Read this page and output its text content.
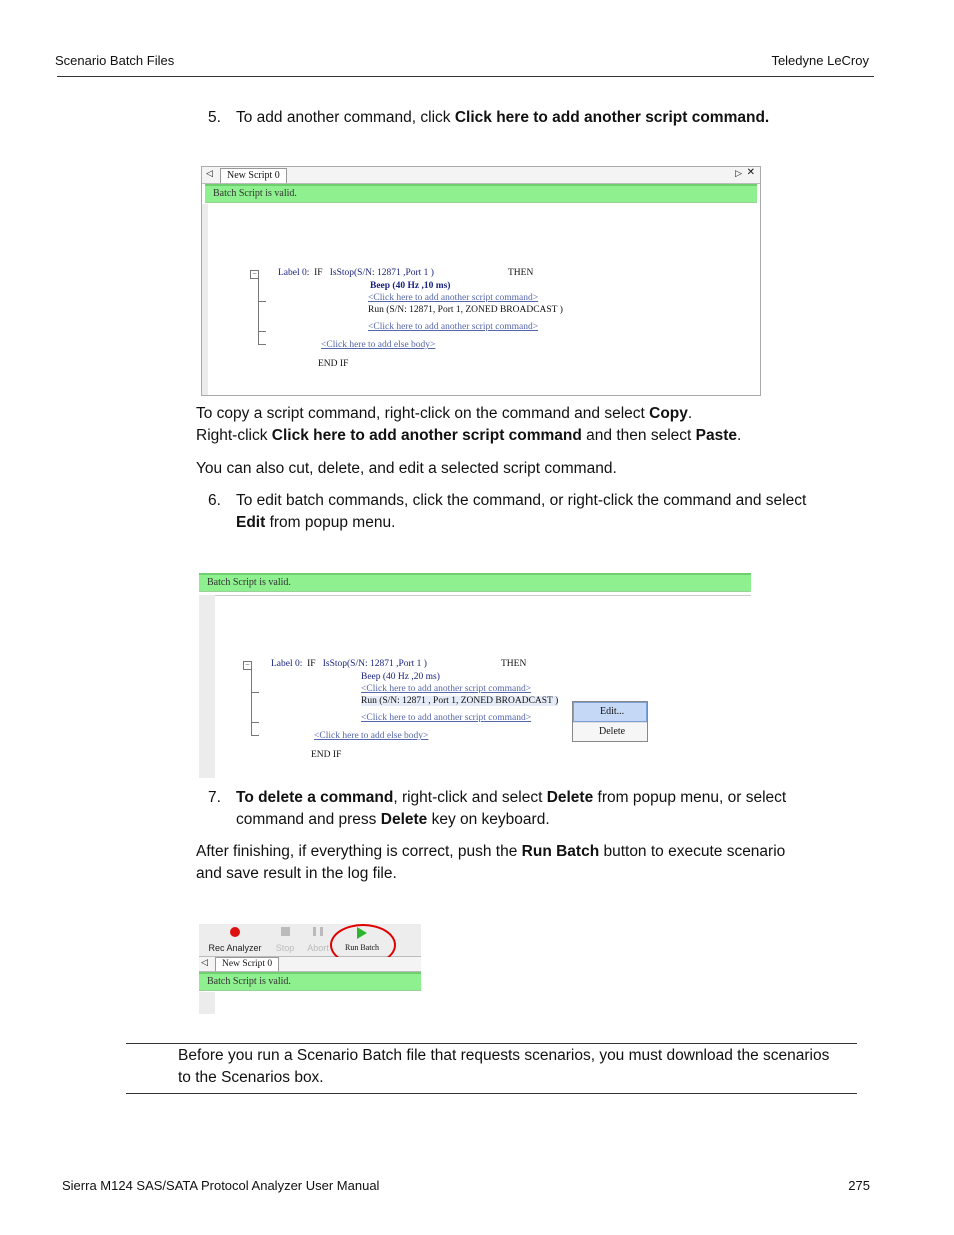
Scenario Batch Files	Teledyne LeCroy
5. To add another command, click Click here to add another script command.
◁	New Script 0	▷ ✕
Batch Script is valid.
− Label 0: IF IsStop(S/N: 12871 ,Port 1 )	THEN
Beep (40 Hz ,10 ms)
<Click here to add another script command>
Run (S/N: 12871, Port 1, ZONED BROADCAST )
<Click here to add another script command>
<Click here to add else body>
END IF
To copy a script command, right-click on the command and select Copy.
Right-click Click here to add another script command and then select Paste.
You can also cut, delete, and edit a selected script command.
6. To edit batch commands, click the command, or right-click the command and select
Edit from popup menu.
Batch Script is valid.
− Label 0: IF IsStop(S/N: 12871 ,Port 1 )	THEN
Beep (40 Hz ,20 ms)
<Click here to add another script command>
Run (S/N: 12871 , Port 1, ZONED BROADCAST )
<Click here to add another script command>
<Click here to add else body>
END IF
Edit...
Delete
7. To delete a command, right-click and select Delete from popup menu, or select
command and press Delete key on keyboard.
After finishing, if everything is correct, push the Run Batch button to execute scenario
and save result in the log file.
Rec Analyzer	Stop	Abort	Run Batch
◁	New Script 0
Batch Script is valid.
Before you run a Scenario Batch file that requests scenarios, you must download the scenarios
to the Scenarios box.
Sierra M124 SAS/SATA Protocol Analyzer User Manual	275
